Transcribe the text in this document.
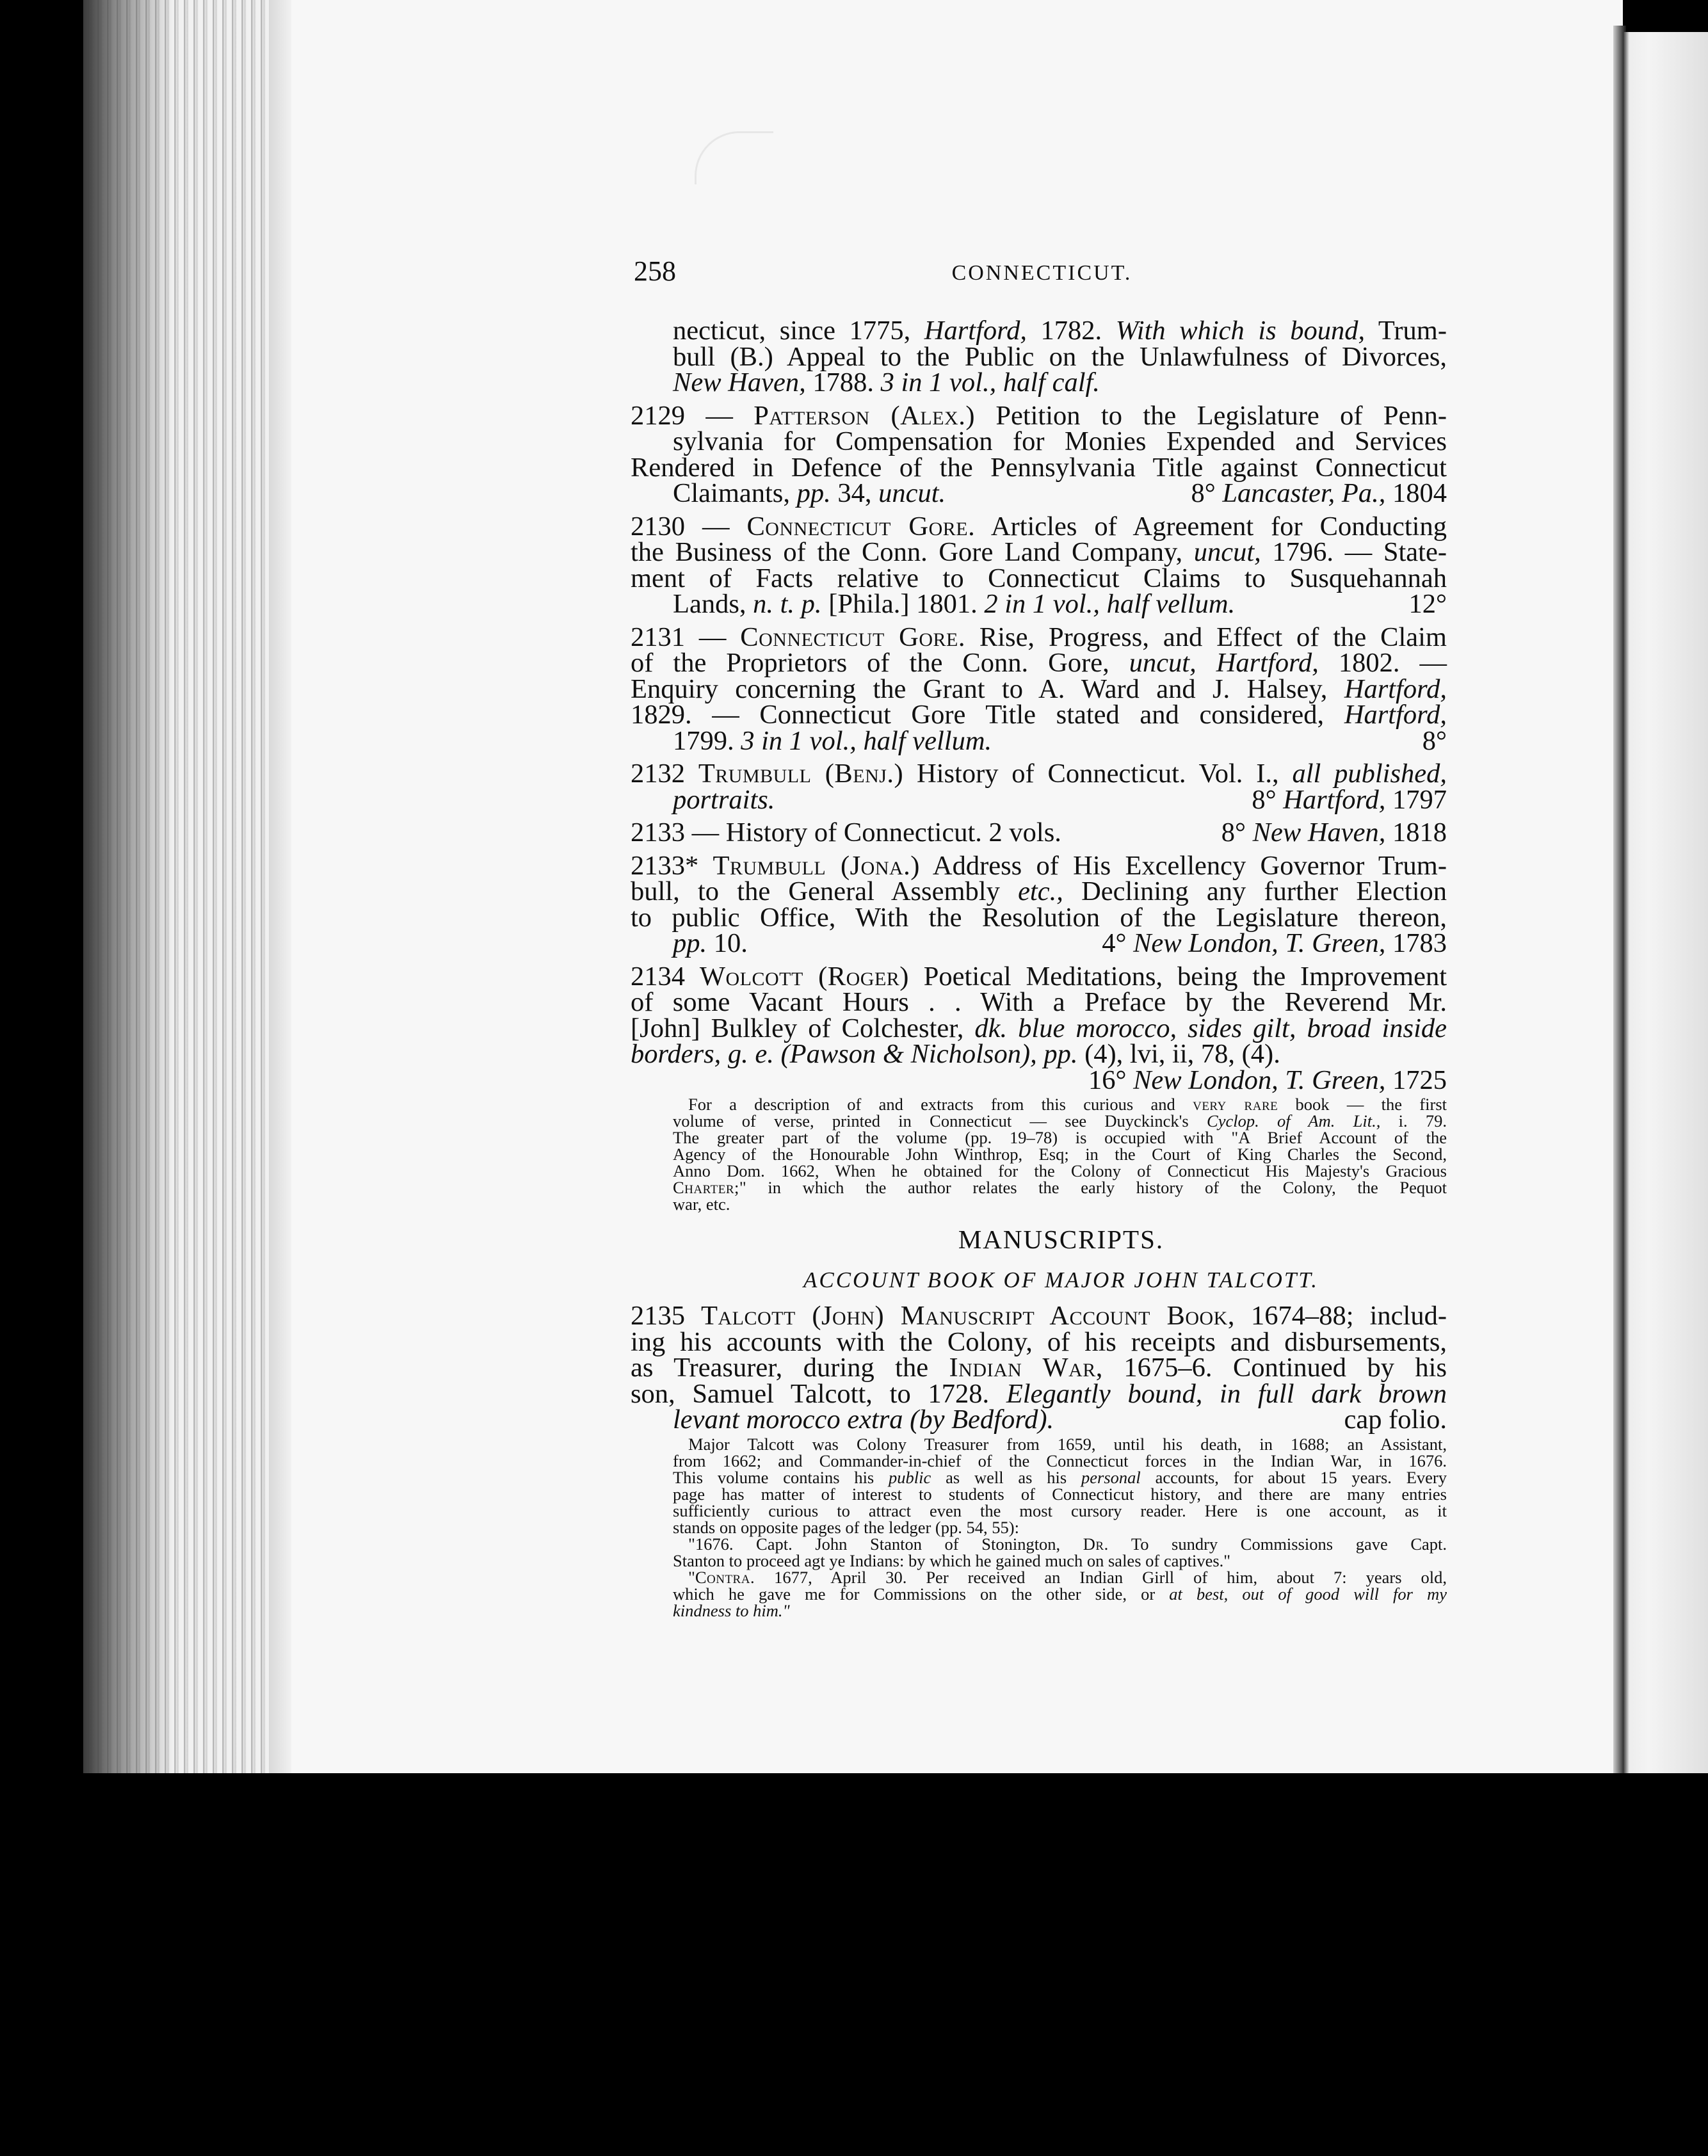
258	CONNECTICUT.
necticut, since 1775, Hartford, 1782. With which is bound, Trum-
bull (B.) Appeal to the Public on the Unlawfulness of Divorces,
New Haven, 1788. 3 in 1 vol., half calf.
2129 — Patterson (Alex.) Petition to the Legislature of Penn-
sylvania for Compensation for Monies Expended and Services
Rendered in Defence of the Pennsylvania Title against Connecticut
Claimants, pp. 34, uncut.	8° Lancaster, Pa., 1804
2130 — Connecticut Gore. Articles of Agreement for Conducting
the Business of the Conn. Gore Land Company, uncut, 1796. — State-
ment of Facts relative to Connecticut Claims to Susquehannah
Lands, n. t. p. [Phila.] 1801. 2 in 1 vol., half vellum.	12°
2131 — Connecticut Gore. Rise, Progress, and Effect of the Claim
of the Proprietors of the Conn. Gore, uncut, Hartford, 1802. —
Enquiry concerning the Grant to A. Ward and J. Halsey, Hartford,
1829. — Connecticut Gore Title stated and considered, Hartford,
1799. 3 in 1 vol., half vellum.	8°
2132 Trumbull (Benj.) History of Connecticut. Vol. I., all published,
portraits.	8° Hartford, 1797
2133 — History of Connecticut. 2 vols.	8° New Haven, 1818
2133* Trumbull (Jona.) Address of His Excellency Governor Trum-
bull, to the General Assembly etc., Declining any further Election
to public Office, With the Resolution of the Legislature thereon,
pp. 10.	4° New London, T. Green, 1783
2134 Wolcott (Roger) Poetical Meditations, being the Improvement
of some Vacant Hours . . With a Preface by the Reverend Mr.
[John] Bulkley of Colchester, dk. blue morocco, sides gilt, broad inside
borders, g. e. (Pawson & Nicholson), pp. (4), lvi, ii, 78, (4).
16° New London, T. Green, 1725
For a description of and extracts from this curious and very rare book — the first
volume of verse, printed in Connecticut — see Duyckinck's Cyclop. of Am. Lit., i. 79.
The greater part of the volume (pp. 19–78) is occupied with "A Brief Account of the
Agency of the Honourable John Winthrop, Esq; in the Court of King Charles the Second,
Anno Dom. 1662, When he obtained for the Colony of Connecticut His Majesty's Gracious
Charter;" in which the author relates the early history of the Colony, the Pequot
war, etc.
MANUSCRIPTS.
ACCOUNT BOOK OF MAJOR JOHN TALCOTT.
2135 Talcott (John) Manuscript Account Book, 1674–88; includ-
ing his accounts with the Colony, of his receipts and disbursements,
as Treasurer, during the Indian War, 1675–6. Continued by his
son, Samuel Talcott, to 1728. Elegantly bound, in full dark brown
levant morocco extra (by Bedford).	cap folio.
Major Talcott was Colony Treasurer from 1659, until his death, in 1688; an Assistant,
from 1662; and Commander-in-chief of the Connecticut forces in the Indian War, in 1676.
This volume contains his public as well as his personal accounts, for about 15 years. Every
page has matter of interest to students of Connecticut history, and there are many entries
sufficiently curious to attract even the most cursory reader. Here is one account, as it
stands on opposite pages of the ledger (pp. 54, 55):
"1676. Capt. John Stanton of Stonington, Dr. To sundry Commissions gave Capt.
Stanton to proceed agt ye Indians: by which he gained much on sales of captives."
"Contra. 1677, April 30. Per received an Indian Girll of him, about 7: years old,
which he gave me for Commissions on the other side, or at best, out of good will for my
kindness to him."
